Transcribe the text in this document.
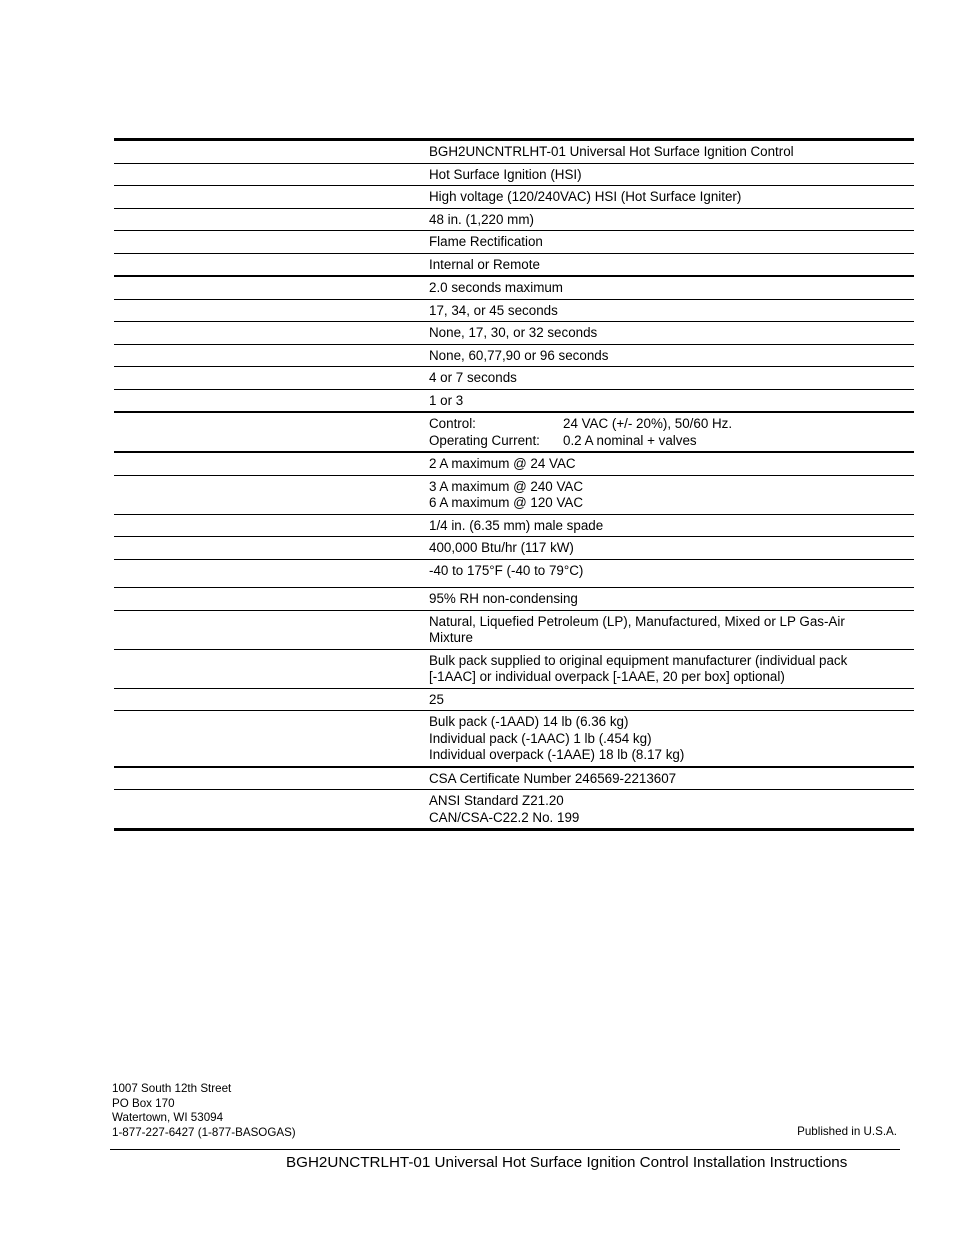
BGH2UNCNTRLHT-01 Universal Hot Surface Ignition Control
Hot Surface Ignition (HSI)
High voltage (120/240VAC) HSI (Hot Surface Igniter)
48 in. (1,220 mm)
Flame Rectification
Internal or Remote
2.0 seconds maximum
17, 34, or 45 seconds
None, 17, 30, or 32 seconds
None, 60,77,90 or 96 seconds
4 or 7 seconds
1 or 3
Control:	24 VAC (+/- 20%), 50/60 Hz.
Operating Current:	0.2 A nominal + valves
2 A maximum @ 24 VAC
3 A maximum @ 240 VAC
6 A maximum @ 120 VAC
1/4 in. (6.35 mm) male spade
400,000 Btu/hr (117 kW)
-40 to 175°F (-40 to 79°C)
95% RH non-condensing
Natural, Liquefied Petroleum (LP), Manufactured, Mixed or LP Gas-Air
Mixture
Bulk pack supplied to original equipment manufacturer (individual pack
[-1AAC] or individual overpack [-1AAE, 20 per box] optional)
25
Bulk pack (-1AAD) 14 lb (6.36 kg)
Individual pack (-1AAC) 1 lb (.454 kg)
Individual overpack (-1AAE) 18 lb (8.17 kg)
CSA Certificate Number 246569-2213607
ANSI Standard Z21.20
CAN/CSA-C22.2 No. 199
1007 South 12th Street
PO Box 170
Watertown, WI 53094
1-877-227-6427 (1-877-BASOGAS)	Published in U.S.A.
BGH2UNCTRLHT-01 Universal Hot Surface Ignition Control Installation Instructions
